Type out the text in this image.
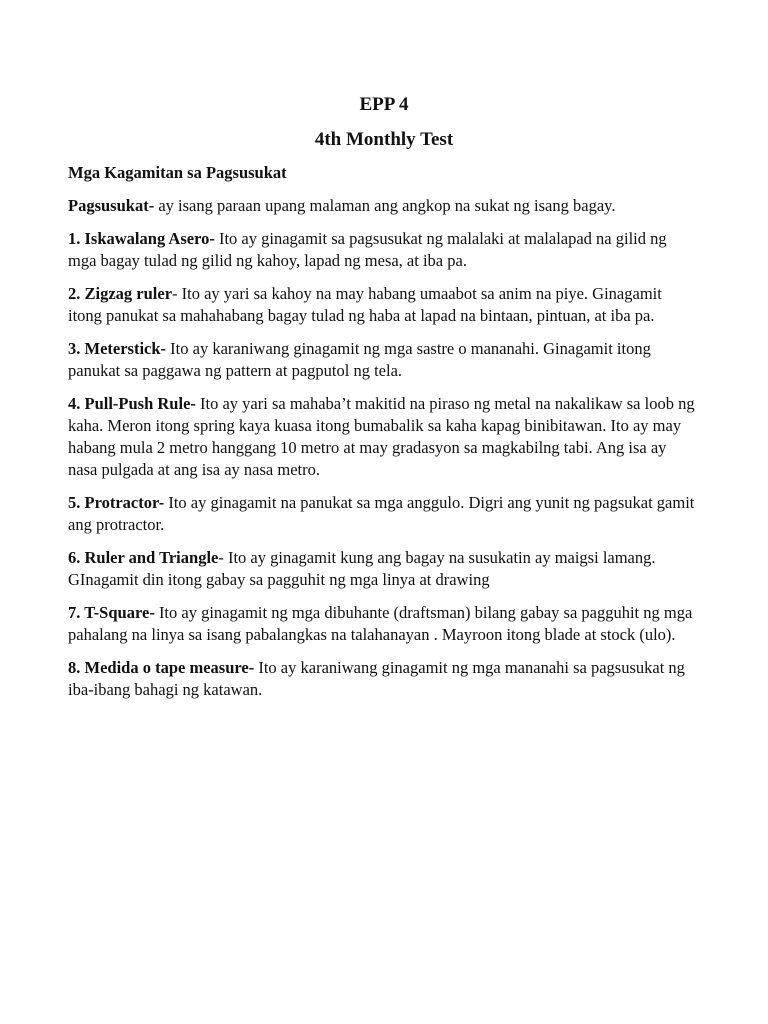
EPP 4
4th Monthly Test

Mga Kagamitan sa Pagsusukat

Pagsusukat- ay isang paraan upang malaman ang angkop na sukat ng isang bagay.

1. Iskawalang Asero- Ito ay ginagamit sa pagsusukat ng malalaki at malalapad na gilid ng mga bagay tulad ng gilid ng kahoy, lapad ng mesa, at iba pa.

2. Zigzag ruler- Ito ay yari sa kahoy na may habang umaabot sa anim na piye. Ginagamit itong panukat sa mahahabang bagay tulad ng haba at lapad na bintaan, pintuan, at iba pa.

3. Meterstick- Ito ay karaniwang ginagamit ng mga sastre o mananahi. Ginagamit itong panukat sa paggawa ng pattern at pagputol ng tela.

4. Pull-Push Rule- Ito ay yari sa mahaba’t makitid na piraso ng metal na nakalikaw sa loob ng kaha. Meron itong spring kaya kuasa itong bumabalik sa kaha kapag binibitawan. Ito ay may habang mula 2 metro hanggang 10 metro at may gradasyon sa magkabilng tabi. Ang isa ay nasa pulgada at ang isa ay nasa metro.

5. Protractor- Ito ay ginagamit na panukat sa mga anggulo. Digri ang yunit ng pagsukat gamit ang protractor.

6. Ruler and Triangle- Ito ay ginagamit kung ang bagay na susukatin ay maigsi lamang. GInagamit din itong gabay sa pagguhit ng mga linya at drawing

7. T-Square- Ito ay ginagamit ng mga dibuhante (draftsman) bilang gabay sa pagguhit ng mga pahalang na linya sa isang pabalangkas na talahanayan . Mayroon itong blade at stock (ulo).

8. Medida o tape measure- Ito ay karaniwang ginagamit ng mga mananahi sa pagsusukat ng iba-ibang bahagi ng katawan.
